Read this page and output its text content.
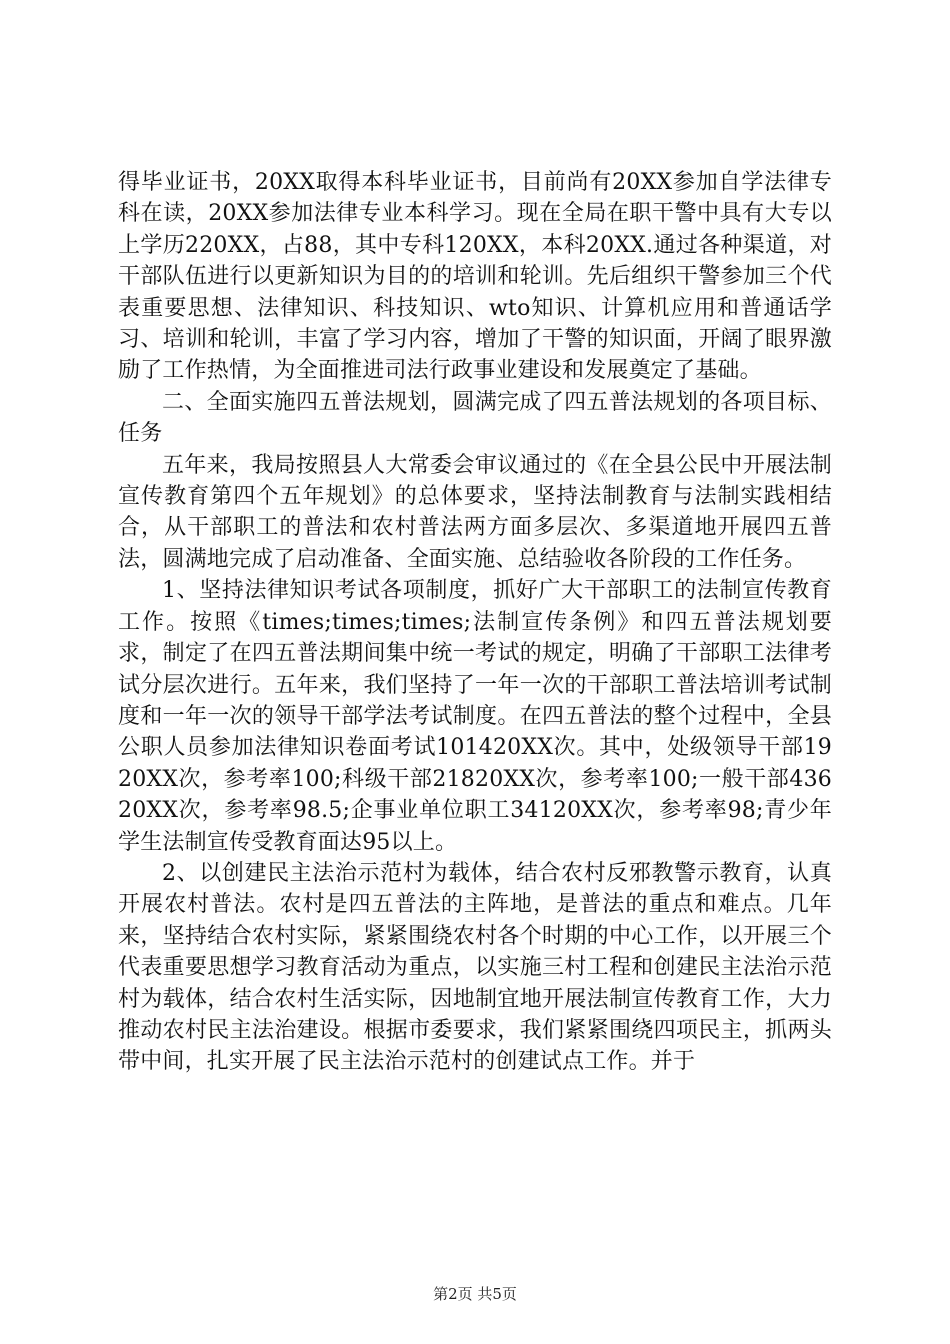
得毕业证书，20XX取得本科毕业证书，目前尚有20XX参加自学法律专科在读，20XX参加法律专业本科学习。现在全局在职干警中具有大专以上学历220XX，占88，其中专科120XX，本科20XX.通过各种渠道，对干部队伍进行以更新知识为目的的培训和轮训。先后组织干警参加三个代表重要思想、法律知识、科技知识、wto知识、计算机应用和普通话学习、培训和轮训，丰富了学习内容，增加了干警的知识面，开阔了眼界激励了工作热情，为全面推进司法行政事业建设和发展奠定了基础。

二、全面实施四五普法规划，圆满完成了四五普法规划的各项目标、任务

五年来，我局按照县人大常委会审议通过的《在全县公民中开展法制宣传教育第四个五年规划》的总体要求，坚持法制教育与法制实践相结合，从干部职工的普法和农村普法两方面多层次、多渠道地开展四五普法，圆满地完成了启动准备、全面实施、总结验收各阶段的工作任务。

1、坚持法律知识考试各项制度，抓好广大干部职工的法制宣传教育工作。按照《times;times;times;法制宣传条例》和四五普法规划要求，制定了在四五普法期间集中统一考试的规定，明确了干部职工法律考试分层次进行。五年来，我们坚持了一年一次的干部职工普法培训考试制度和一年一次的领导干部学法考试制度。在四五普法的整个过程中，全县公职人员参加法律知识卷面考试101420XX次。其中，处级领导干部1920XX次，参考率100;科级干部21820XX次，参考率100;一般干部43620XX次，参考率98.5;企事业单位职工34120XX次，参考率98;青少年学生法制宣传受教育面达95以上。

2、以创建民主法治示范村为载体，结合农村反邪教警示教育，认真开展农村普法。农村是四五普法的主阵地，是普法的重点和难点。几年来，坚持结合农村实际，紧紧围绕农村各个时期的中心工作，以开展三个代表重要思想学习教育活动为重点，以实施三村工程和创建民主法治示范村为载体，结合农村生活实际，因地制宜地开展法制宣传教育工作，大力推动农村民主法治建设。根据市委要求，我们紧紧围绕四项民主，抓两头带中间，扎实开展了民主法治示范村的创建试点工作。并于

第2页 共5页
